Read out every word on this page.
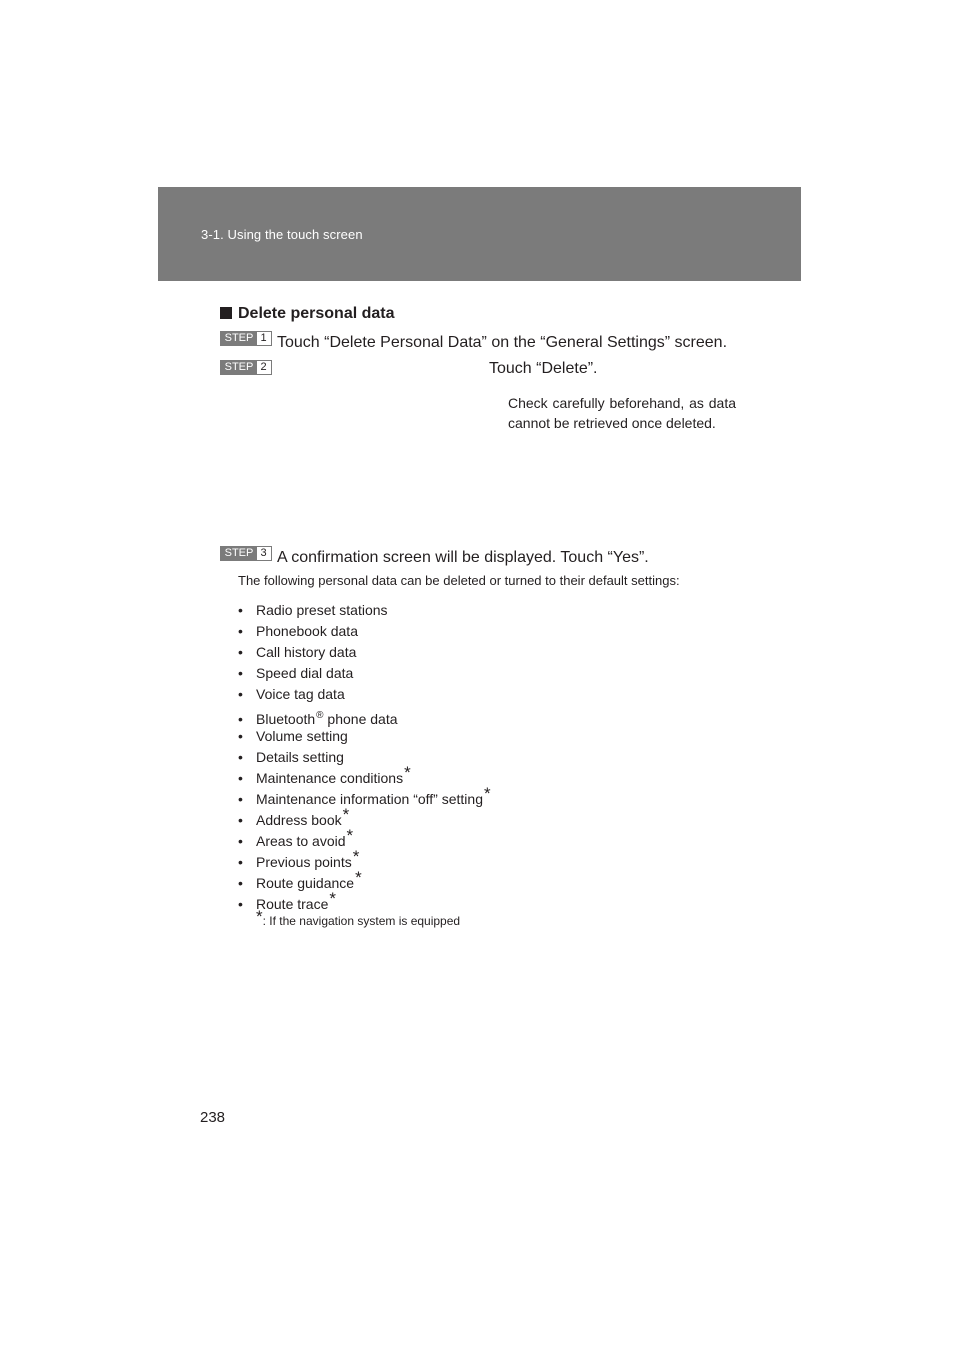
3-1. Using the touch screen
Delete personal data
STEP 1 Touch “Delete Personal Data” on the “General Settings” screen.
STEP 2	Touch “Delete”.
Check carefully beforehand, as data cannot be retrieved once deleted.
STEP 3 A confirmation screen will be displayed. Touch “Yes”.
The following personal data can be deleted or turned to their default settings:
• Radio preset stations
• Phonebook data
• Call history data
• Speed dial data
• Voice tag data
• Bluetooth® phone data
• Volume setting
• Details setting
• Maintenance conditions*
• Maintenance information “off” setting*
• Address book*
• Areas to avoid*
• Previous points*
• Route guidance*
• Route trace*
*: If the navigation system is equipped
238
